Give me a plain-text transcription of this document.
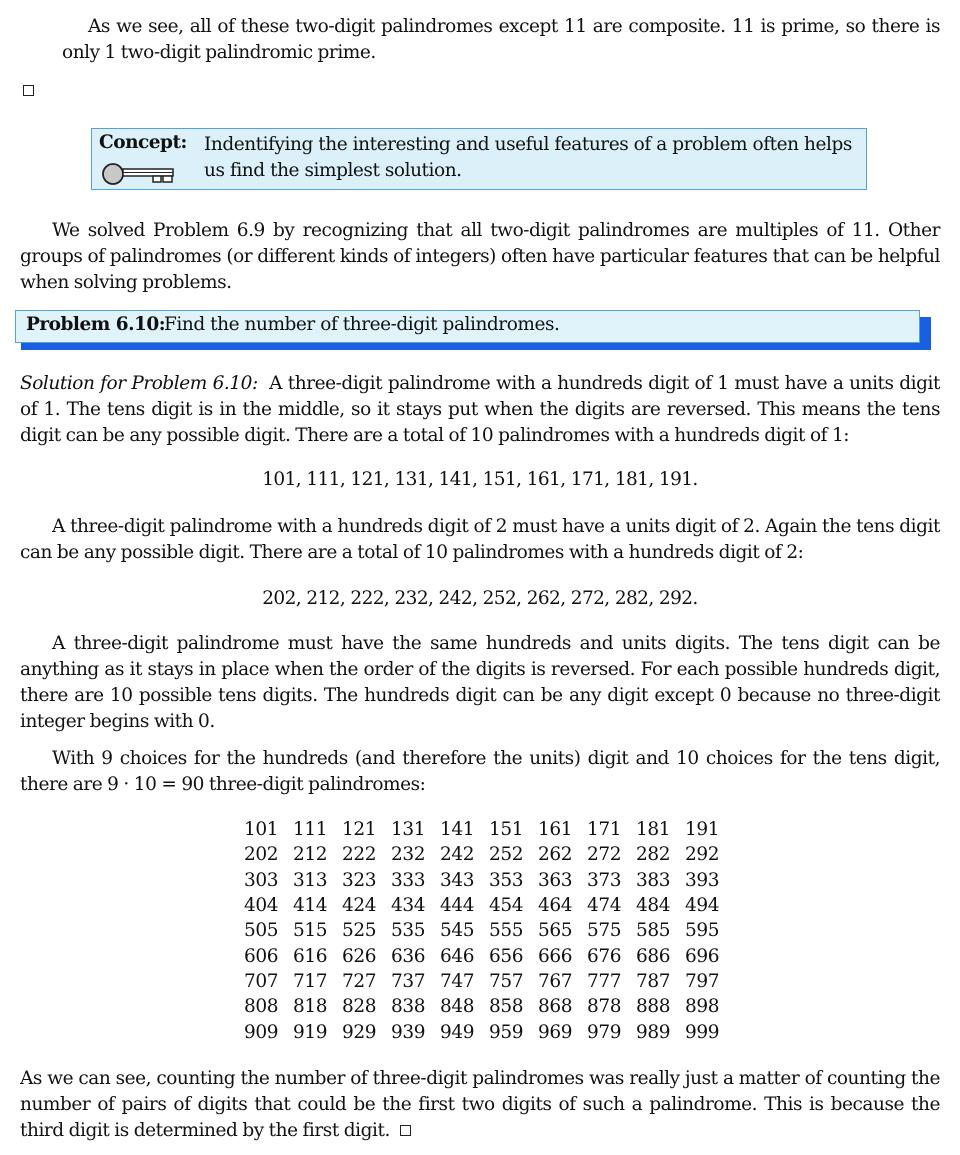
As we see, all of these two-digit palindromes except 11 are composite. 11 is prime, so there is only 1 two-digit palindromic prime.
Concept: Indentifying the interesting and useful features of a problem often helps us find the simplest solution.
We solved Problem 6.9 by recognizing that all two-digit palindromes are multiples of 11. Other groups of palindromes (or different kinds of integers) often have particular features that can be helpful when solving problems.
Problem 6.10:
Find the number of three-digit palindromes.
Solution for Problem 6.10: A three-digit palindrome with a hundreds digit of 1 must have a units digit of 1. The tens digit is in the middle, so it stays put when the digits are reversed. This means the tens digit can be any possible digit. There are a total of 10 palindromes with a hundreds digit of 1:
101, 111, 121, 131, 141, 151, 161, 171, 181, 191.
A three-digit palindrome with a hundreds digit of 2 must have a units digit of 2. Again the tens digit can be any possible digit. There are a total of 10 palindromes with a hundreds digit of 2:
202, 212, 222, 232, 242, 252, 262, 272, 282, 292.
A three-digit palindrome must have the same hundreds and units digits. The tens digit can be anything as it stays in place when the order of the digits is reversed. For each possible hundreds digit, there are 10 possible tens digits. The hundreds digit can be any digit except 0 because no three-digit integer begins with 0.
With 9 choices for the hundreds (and therefore the units) digit and 10 choices for the tens digit, there are 9 · 10 = 90 three-digit palindromes:
101	111	121	131	141	151	161	171	181	191
202	212	222	232	242	252	262	272	282	292
303	313	323	333	343	353	363	373	383	393
404	414	424	434	444	454	464	474	484	494
505	515	525	535	545	555	565	575	585	595
606	616	626	636	646	656	666	676	686	696
707	717	727	737	747	757	767	777	787	797
808	818	828	838	848	858	868	878	888	898
909	919	929	939	949	959	969	979	989	999
As we can see, counting the number of three-digit palindromes was really just a matter of counting the number of pairs of digits that could be the first two digits of such a palindrome. This is because the third digit is determined by the first digit.
